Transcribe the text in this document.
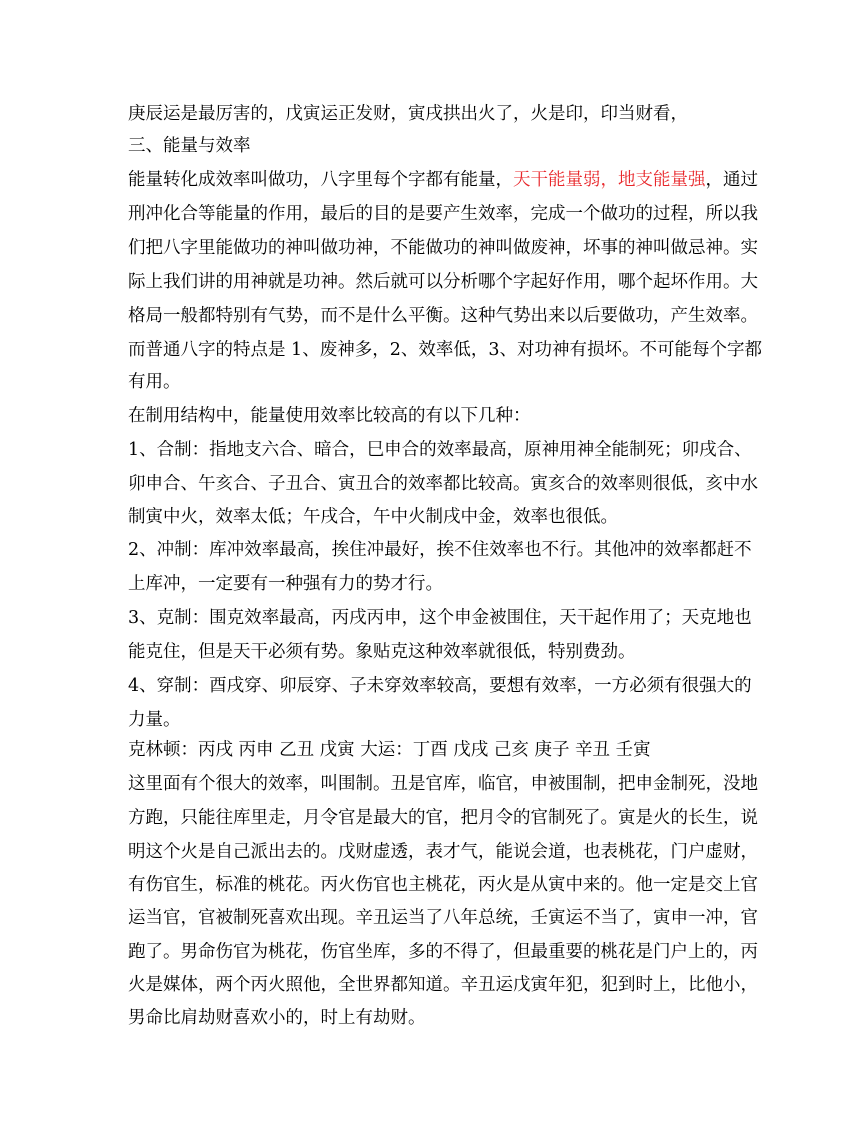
庚辰运是最厉害的，戊寅运正发财，寅戌拱出火了，火是印，印当财看，
三、能量与效率
能量转化成效率叫做功，八字里每个字都有能量，天干能量弱，地支能量强，通过
刑冲化合等能量的作用，最后的目的是要产生效率，完成一个做功的过程，所以我
们把八字里能做功的神叫做功神，不能做功的神叫做废神，坏事的神叫做忌神。实
际上我们讲的用神就是功神。然后就可以分析哪个字起好作用，哪个起坏作用。大
格局一般都特别有气势，而不是什么平衡。这种气势出来以后要做功，产生效率。
而普通八字的特点是 1、废神多，2、效率低，3、对功神有损坏。不可能每个字都
有用。
在制用结构中，能量使用效率比较高的有以下几种：
1、合制：指地支六合、暗合，巳申合的效率最高，原神用神全能制死；卯戌合、
卯申合、午亥合、子丑合、寅丑合的效率都比较高。寅亥合的效率则很低，亥中水
制寅中火，效率太低；午戌合，午中火制戌中金，效率也很低。
2、冲制：库冲效率最高，挨住冲最好，挨不住效率也不行。其他冲的效率都赶不
上库冲，一定要有一种强有力的势才行。
3、克制：围克效率最高，丙戌丙申，这个申金被围住，天干起作用了；天克地也
能克住，但是天干必须有势。象贴克这种效率就很低，特别费劲。
4、穿制：酉戌穿、卯辰穿、子未穿效率较高，要想有效率，一方必须有很强大的
力量。
克林顿：丙戌 丙申 乙丑 戊寅 大运：丁酉 戊戌 己亥 庚子 辛丑 壬寅
这里面有个很大的效率，叫围制。丑是官库，临官，申被围制，把申金制死，没地
方跑，只能往库里走，月令官是最大的官，把月令的官制死了。寅是火的长生，说
明这个火是自己派出去的。戊财虚透，表才气，能说会道，也表桃花，门户虚财，
有伤官生，标准的桃花。丙火伤官也主桃花，丙火是从寅中来的。他一定是交上官
运当官，官被制死喜欢出现。辛丑运当了八年总统，壬寅运不当了，寅申一冲，官
跑了。男命伤官为桃花，伤官坐库，多的不得了，但最重要的桃花是门户上的，丙
火是媒体，两个丙火照他，全世界都知道。辛丑运戊寅年犯，犯到时上，比他小，
男命比肩劫财喜欢小的，时上有劫财。
